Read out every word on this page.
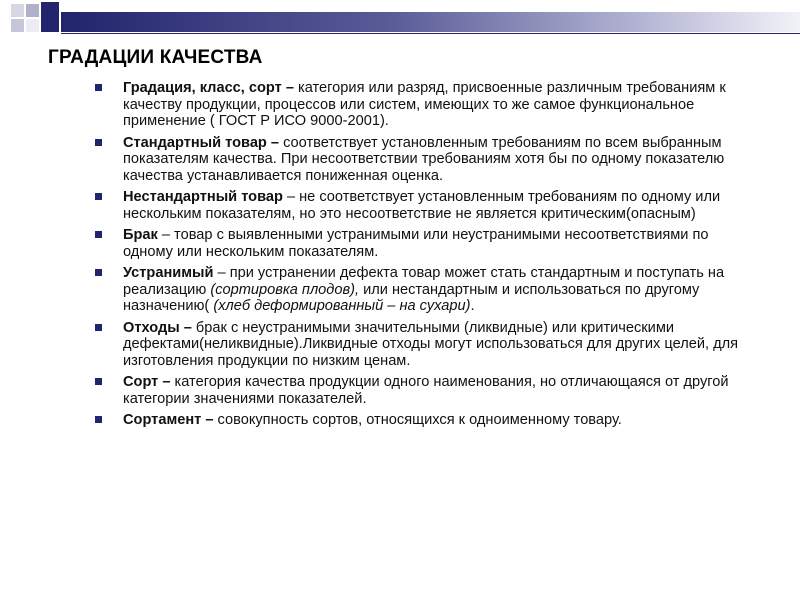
ГРАДАЦИИ КАЧЕСТВА
Градация, класс, сорт – категория или разряд, присвоенные различным требованиям к качеству продукции, процессов или систем, имеющих то же самое функциональное применение ( ГОСТ Р ИСО 9000-2001).
Стандартный товар – соответствует установленным требованиям по всем выбранным показателям качества. При несоответствии требованиям хотя бы по одному показателю качества устанавливается пониженная оценка.
Нестандартный товар – не соответствует установленным требованиям по одному или нескольким показателям, но это несоответствие не является критическим(опасным)
Брак – товар с выявленными устранимыми или неустранимыми несоответствиями по одному или нескольким показателям.
Устранимый – при устранении дефекта товар может стать стандартным и поступать на реализацию (сортировка плодов), или нестандартным и использоваться по другому назначению( (хлеб деформированный – на сухари).
Отходы – брак с неустранимыми значительными (ликвидные) или критическими дефектами(неликвидные).Ликвидные отходы могут использоваться для других целей, для изготовления продукции по низким ценам.
Сорт – категория качества продукции одного наименования, но отличающаяся от другой категории значениями показателей.
Сортамент – совокупность сортов, относящихся к одноименному товару.
